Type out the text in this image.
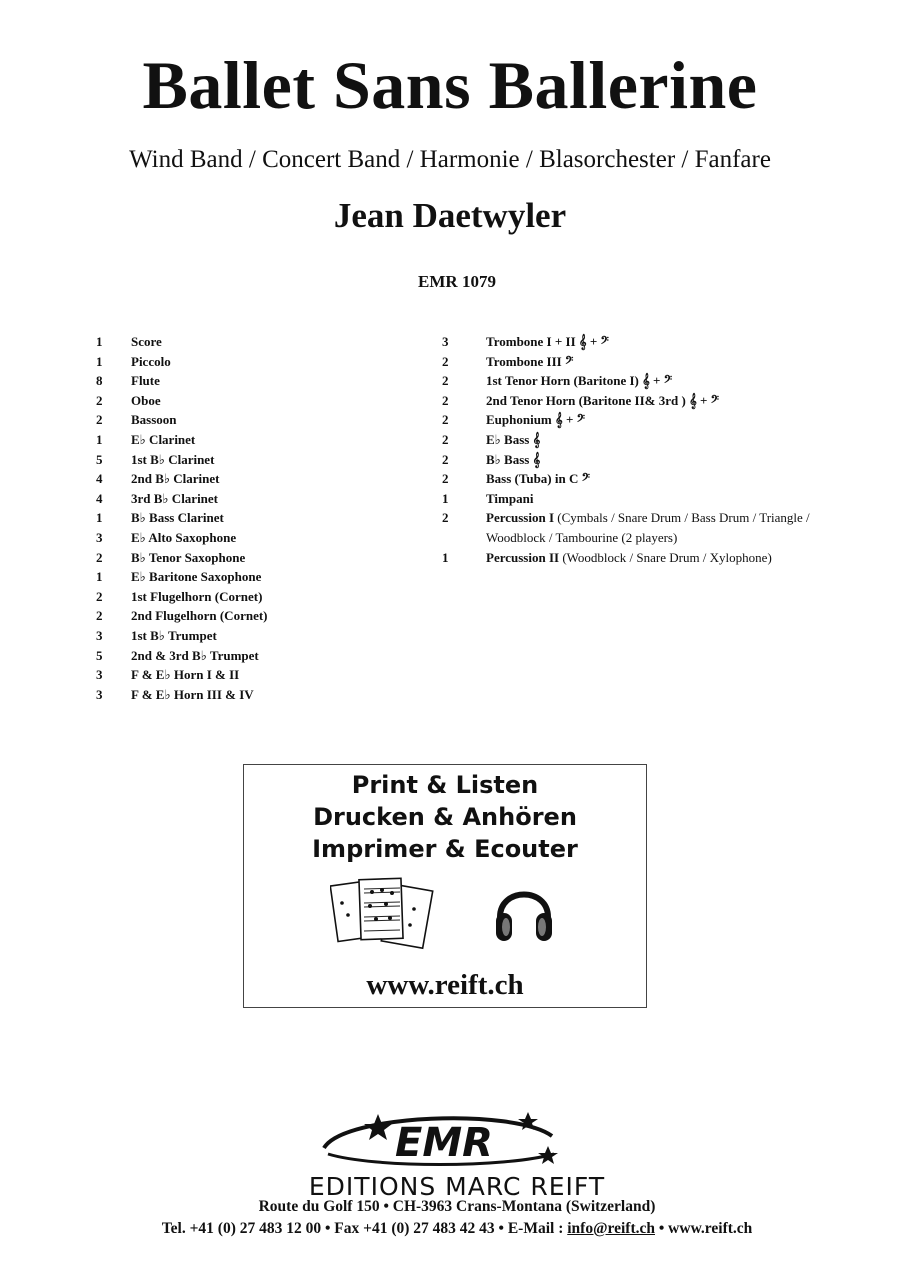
Ballet Sans Ballerine
Wind Band / Concert Band / Harmonie / Blasorchester / Fanfare
Jean Daetwyler
EMR 1079
1	Score
1	Piccolo
8	Flute
2	Oboe
2	Bassoon
1	E♭ Clarinet
5	1st B♭ Clarinet
4	2nd B♭ Clarinet
4	3rd B♭ Clarinet
1	B♭ Bass Clarinet
3	E♭ Alto Saxophone
2	B♭ Tenor Saxophone
1	E♭ Baritone Saxophone
2	1st Flugelhorn (Cornet)
2	2nd Flugelhorn (Cornet)
3	1st B♭ Trumpet
5	2nd & 3rd B♭ Trumpet
3	F & E♭ Horn I & II
3	F & E♭ Horn III & IV
3	Trombone I + II 𝄞 + 𝄢
2	Trombone III 𝄢
2	1st Tenor Horn (Baritone I) 𝄞 + 𝄢
2	2nd Tenor Horn (Baritone II& 3rd ) 𝄞 + 𝄢
2	Euphonium 𝄞 + 𝄢
2	E♭ Bass 𝄞
2	B♭ Bass 𝄞
2	Bass (Tuba) in C 𝄢
1	Timpani
2	Percussion I (Cymbals / Snare Drum / Bass Drum / Triangle / Woodblock / Tambourine (2 players)
1	Percussion II (Woodblock / Snare Drum / Xylophone)
Print & Listen
Drucken & Anhören
Imprimer & Ecouter
www.reift.ch
EMR
EDITIONS MARC REIFT
Route du Golf 150 • CH-3963 Crans-Montana (Switzerland)
Tel. +41 (0) 27 483 12 00 • Fax +41 (0) 27 483 42 43 • E-Mail : info@reift.ch • www.reift.ch
